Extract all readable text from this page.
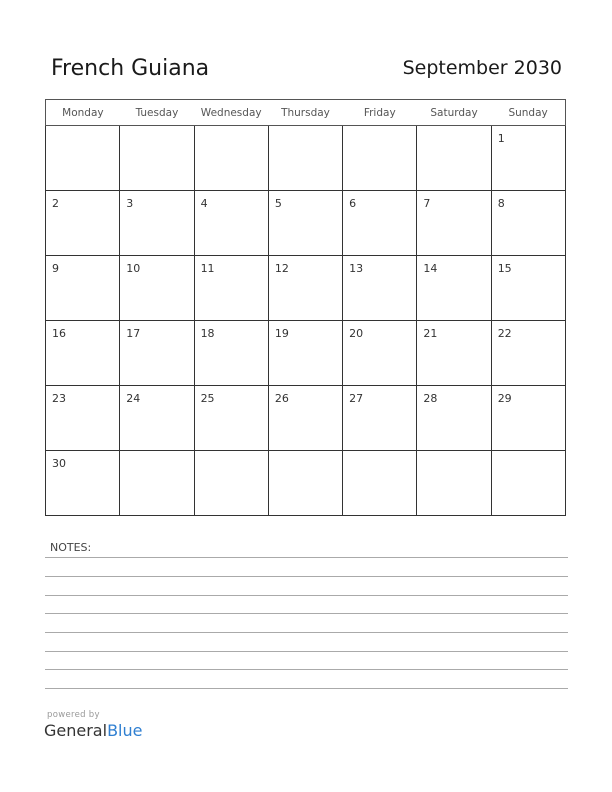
French Guiana	September 2030
Monday	Tuesday	Wednesday	Thursday	Friday	Saturday	Sunday

						1

2	3	4	5	6	7	8

9	10	11	12	13	14	15

16	17	18	19	20	21	22

23	24	25	26	27	28	29

30						

NOTES:
powered by
GeneralBlue
